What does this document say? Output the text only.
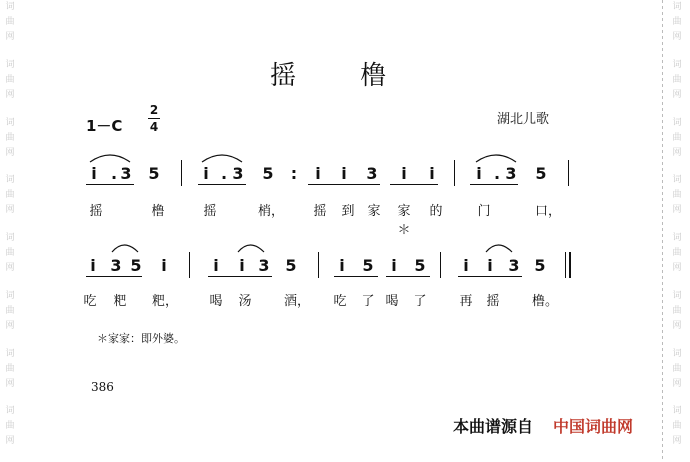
词
曲
网
词
曲
网
词
曲
网
词
曲
网
词
曲
网
词
曲
网
词
曲
网
词
曲
网
词
曲
网
词
曲
网
词
曲
网
词
曲
网
词
曲
网
词
曲
网
词
曲
网
词
曲
网
摇 橹
1－C
2
4	湖北儿歌
i . 3 5	i . 3 5 : i i 3 i i	i . 3 5
摇	橹	摇	梢， 摇 到 家 家＊
的	门	口，
i 3 5 i	i i 3 5	i 5 i 5 i i 3 5
吃 粑 粑， 喝 汤	酒， 吃 了 喝 了	再 摇	橹。
＊家家：即外婆。
386
本曲谱源自 中国词曲网
